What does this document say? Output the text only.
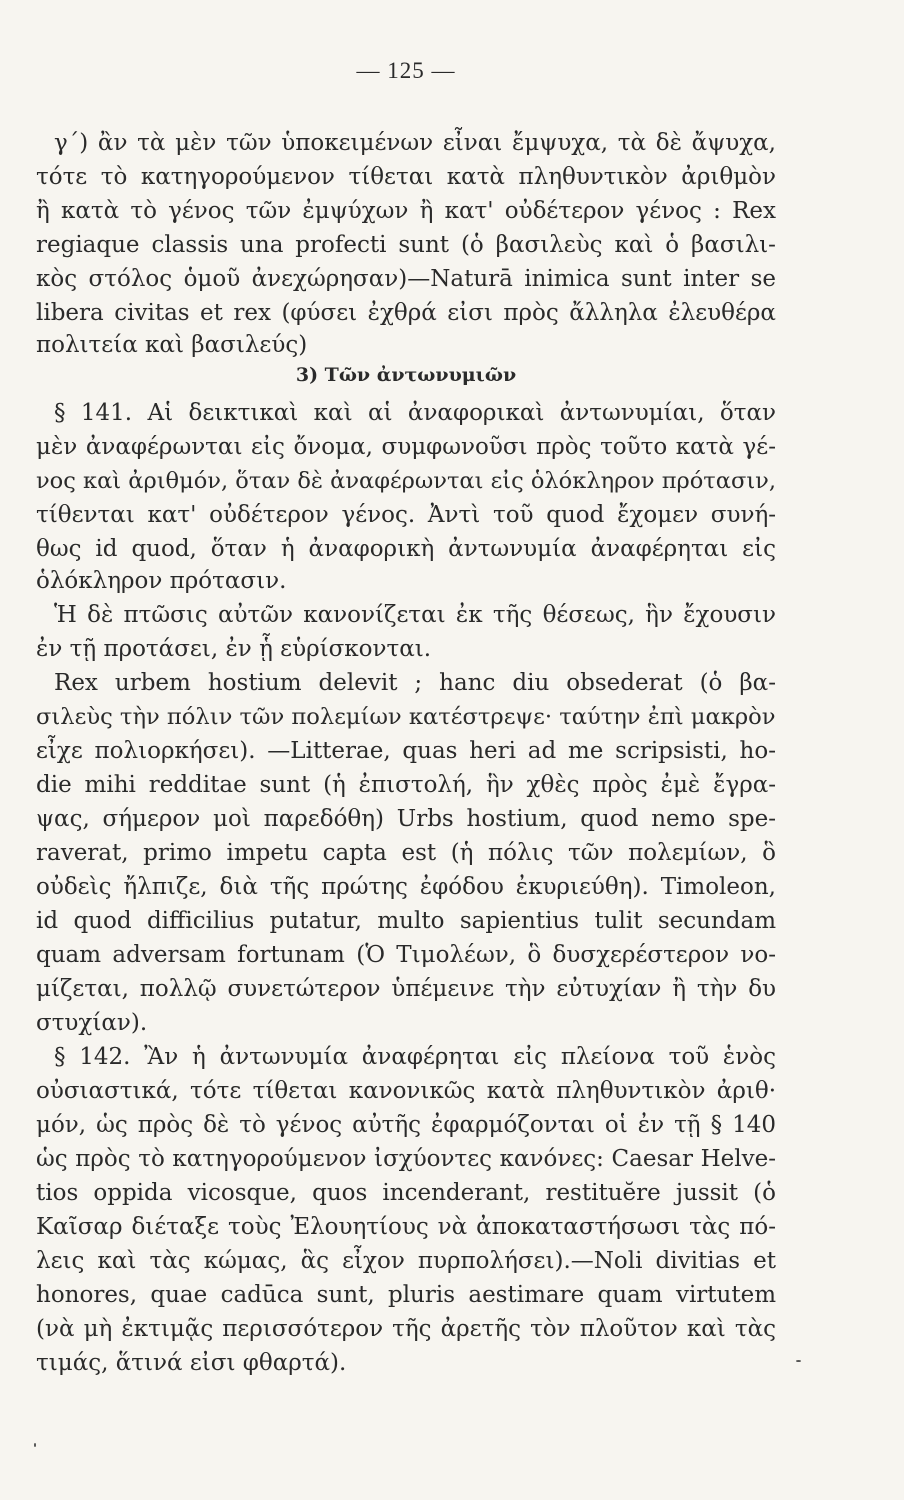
— 125 —
γ΄) ἂν τὰ μὲν τῶν ὑποκειμένων εἶναι ἔμψυχα, τὰ δὲ ἄψυχα,
τότε τὸ κατηγορούμενον τίθεται κατὰ πληθυντικὸν ἀριθμὸν
ἢ κατὰ τὸ γένος τῶν ἐμψύχων ἢ κατ' οὐδέτερον γένος : Rex
regiaque classis una profecti sunt (ὁ βασιλεὺς καὶ ὁ βασιλι-
κὸς στόλος ὁμοῦ ἀνεχώρησαν)—Naturā inimica sunt inter se
libera civitas et rex (φύσει ἐχθρά εἰσι πρὸς ἄλληλα ἐλευθέρα
πολιτεία καὶ βασιλεύς)
3) Τῶν ἀντωνυμιῶν
§ 141. Αἱ δεικτικαὶ καὶ αἱ ἀναφορικαὶ ἀντωνυμίαι, ὅταν
μὲν ἀναφέρωνται εἰς ὄνομα, συμφωνοῦσι πρὸς τοῦτο κατὰ γέ-
νος καὶ ἀριθμόν, ὅταν δὲ ἀναφέρωνται εἰς ὁλόκληρον πρότασιν,
τίθενται κατ' οὐδέτερον γένος. Ἀντὶ τοῦ quod ἔχομεν συνή-
θως id quod, ὅταν ἡ ἀναφορικὴ ἀντωνυμία ἀναφέρηται εἰς
ὁλόκληρον πρότασιν.
Ἡ δὲ πτῶσις αὐτῶν κανονίζεται ἐκ τῆς θέσεως, ἣν ἔχουσιν
ἐν τῇ προτάσει, ἐν ᾗ εὑρίσκονται.
Rex urbem hostium delevit ; hanc diu obsederat (ὁ βα-
σιλεὺς τὴν πόλιν τῶν πολεμίων κατέστρεψε· ταύτην ἐπὶ μακρὸν
εἶχε πολιορκήσει). —Litterae, quas heri ad me scripsisti, ho-
die mihi redditae sunt (ἡ ἐπιστολή, ἣν χθὲς πρὸς ἐμὲ ἔγρα-
ψας, σήμερον μοὶ παρεδόθη) Urbs hostium, quod nemo spe-
raverat, primo impetu capta est (ἡ πόλις τῶν πολεμίων, ὃ
οὐδεὶς ἤλπιζε, διὰ τῆς πρώτης ἐφόδου ἐκυριεύθη). Timoleon,
id quod difficilius putatur, multo sapientius tulit secundam
quam adversam fortunam (Ὁ Τιμολέων, ὃ δυσχερέστερον νο-
μίζεται, πολλῷ συνετώτερον ὑπέμεινε τὴν εὐτυχίαν ἢ τὴν δυ
στυχίαν).
§ 142. Ἂν ἡ ἀντωνυμία ἀναφέρηται εἰς πλείονα τοῦ ἑνὸς
οὐσιαστικά, τότε τίθεται κανονικῶς κατὰ πληθυντικὸν ἀριθ·
μόν, ὡς πρὸς δὲ τὸ γένος αὐτῆς ἐφαρμόζονται οἱ ἐν τῇ § 140
ὡς πρὸς τὸ κατηγορούμενον ἰσχύοντες κανόνες: Caesar Helve-
tios oppida vicosque, quos incenderant, restituĕre jussit (ὁ
Καῖσαρ διέταξε τοὺς Ἐλουητίους νὰ ἀποκαταστήσωσι τὰς πό-
λεις καὶ τὰς κώμας, ἃς εἶχον πυρπολήσει).—Noli divitias et
honores, quae cadūca sunt, pluris aestimare quam virtutem
(νὰ μὴ ἐκτιμᾷς περισσότερον τῆς ἀρετῆς τὸν πλοῦτον καὶ τὰς
τιμάς, ἅτινά εἰσι φθαρτά).
